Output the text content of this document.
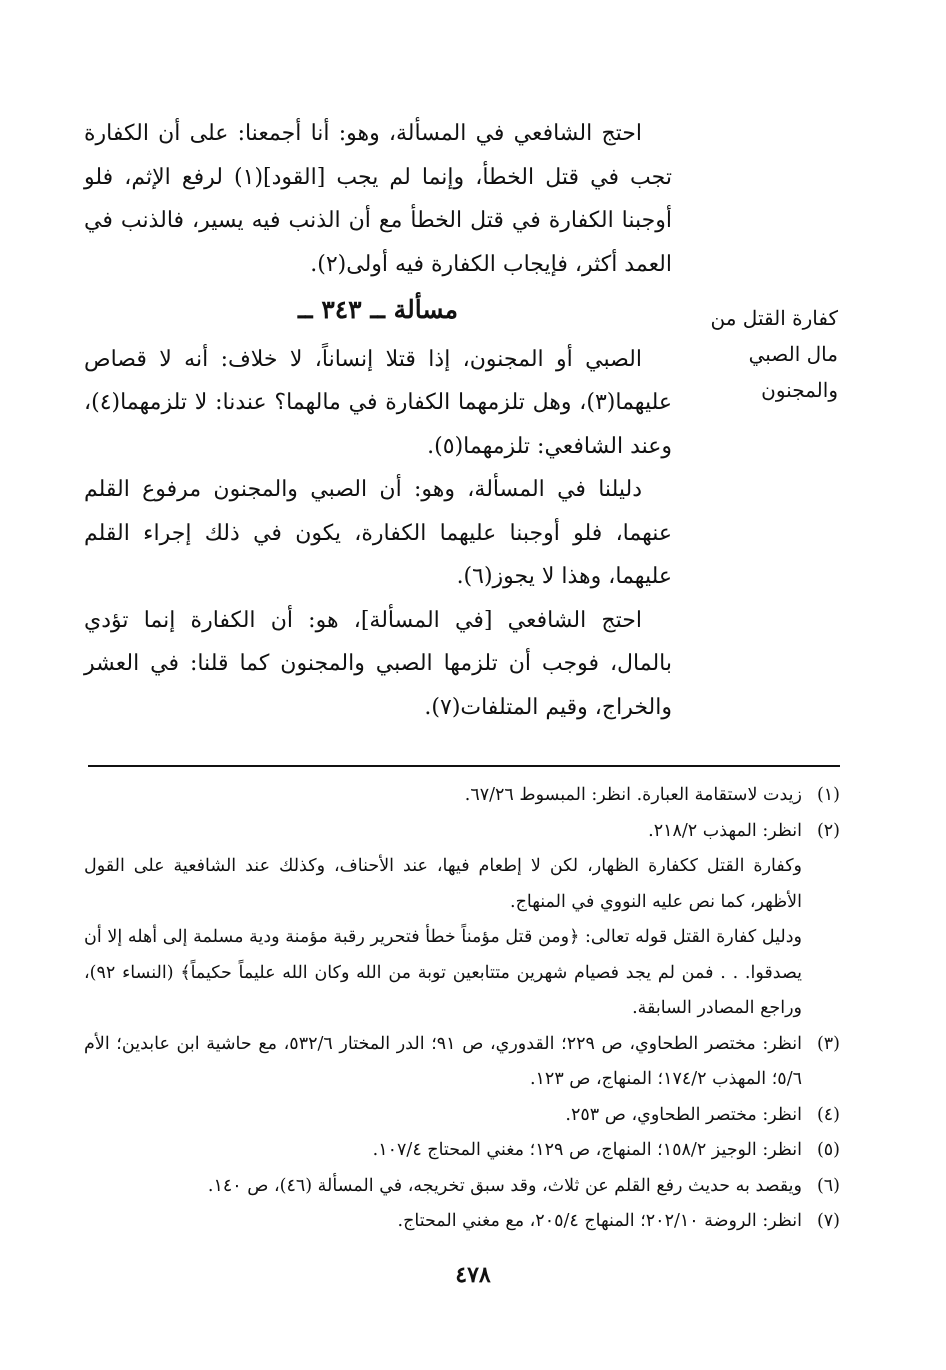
احتج الشافعي في المسألة، وهو: أنا أجمعنا: على أن الكفارة تجب في قتل الخطأ، وإنما لم يجب [القود](١) لرفع الإثم، فلو أوجبنا الكفارة في قتل الخطأ مع أن الذنب فيه يسير، فالذنب في العمد أكثر، فإيجاب الكفارة فيه أولى(٢).

مسألة ــ ٣٤٣ ــ

الصبي أو المجنون، إذا قتلا إنساناً، لا خلاف: أنه لا قصاص عليهما(٣)، وهل تلزمهما الكفارة في مالهما؟ عندنا: لا تلزمهما(٤)، وعند الشافعي: تلزمهما(٥).

دليلنا في المسألة، وهو: أن الصبي والمجنون مرفوع القلم عنهما، فلو أوجبنا عليهما الكفارة، يكون في ذلك إجراء القلم عليهما، وهذا لا يجوز(٦).

احتج الشافعي [في المسألة]، هو: أن الكفارة إنما تؤدي بالمال، فوجب أن تلزمها الصبي والمجنون كما قلنا: في العشر والخراج، وقيم المتلفات(٧).

كفارة القتل من
مال الصبي
والمجنون
(١)
زيدت لاستقامة العبارة. انظر: المبسوط ٦٧/٢٦.
(٢)
انظر: المهذب ٢١٨/٢.
وكفارة القتل ككفارة الظهار، لكن لا إطعام فيها، عند الأحناف، وكذلك عند الشافعية على القول الأظهر، كما نص عليه النووي في المنهاج.
ودليل كفارة القتل قوله تعالى: ﴿ومن قتل مؤمناً خطأ فتحرير رقبة مؤمنة ودية مسلمة إلى أهله إلا أن يصدقوا. . . فمن لم يجد فصيام شهرين متتابعين توبة من الله وكان الله عليماً حكيماً﴾ (النساء ٩٢)، وراجع المصادر السابقة.
(٣)
انظر: مختصر الطحاوي، ص ٢٢٩؛ القدوري، ص ٩١؛ الدر المختار ٥٣٢/٦، مع حاشية ابن عابدين؛ الأم ٥/٦؛ المهذب ١٧٤/٢؛ المنهاج، ص ١٢٣.
(٤)
انظر: مختصر الطحاوي، ص ٢٥٣.
(٥)
انظر: الوجيز ١٥٨/٢؛ المنهاج، ص ١٢٩؛ مغني المحتاج ١٠٧/٤.
(٦)
ويقصد به حديث رفع القلم عن ثلاث، وقد سبق تخريجه، في المسألة (٤٦)، ص ١٤٠.
(٧)
انظر: الروضة ٢٠٢/١٠؛ المنهاج ٢٠٥/٤، مع مغني المحتاج.
٤٧٨
